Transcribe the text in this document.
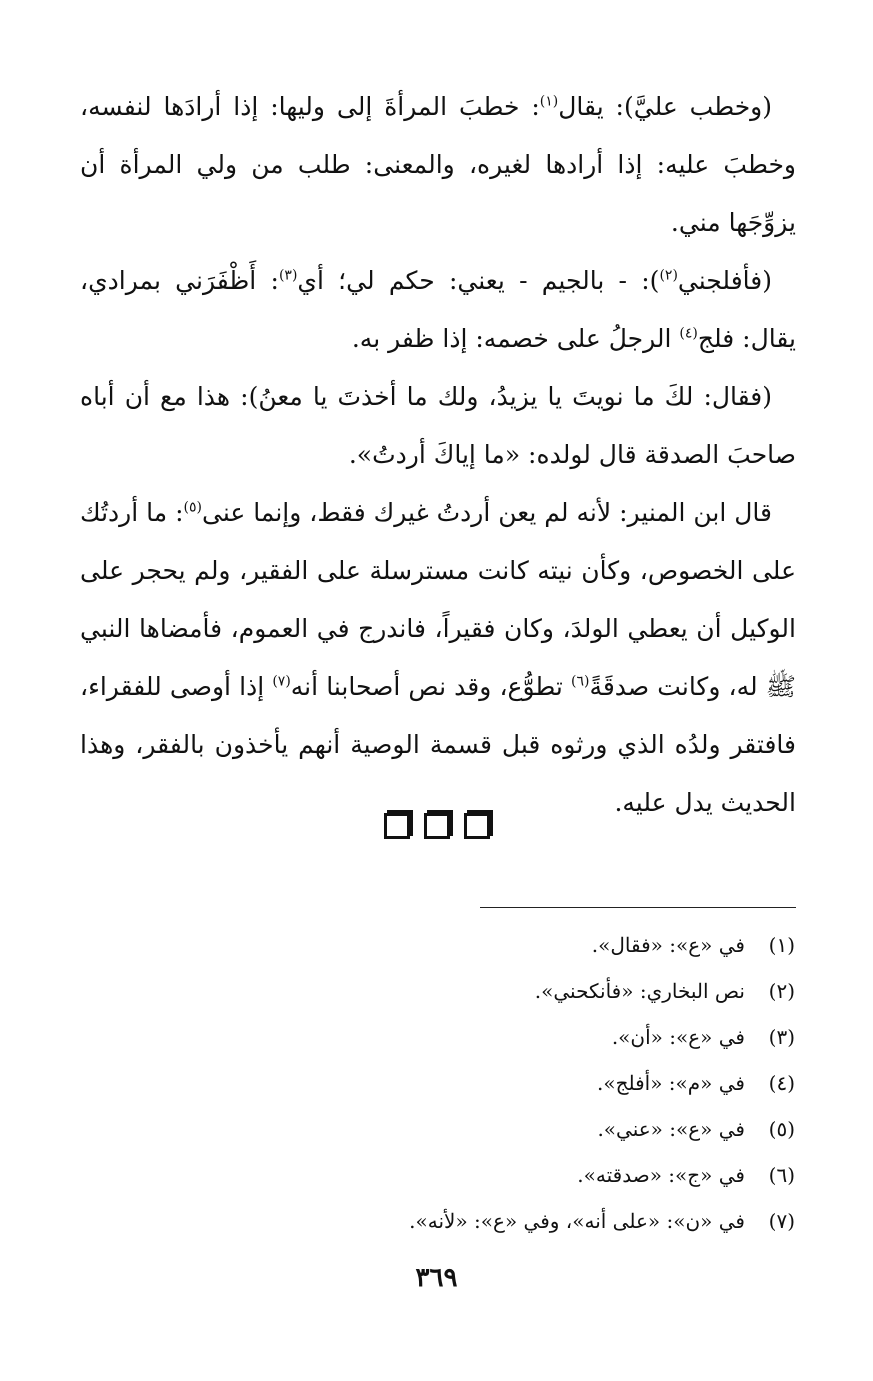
(وخطب عليَّ): يقال$^{(١)}$: خطبَ المرأةَ إلى وليها: إذا أرادَها لنفسه، وخطبَ عليه: إذا أرادها لغيره، والمعنى: طلب من ولي المرأة أن يزوِّجَها مني.

(فأفلجني$^{(٢)}$): - بالجيم - يعني: حكم لي؛ أي$^{(٣)}$: أَظْفَرَني بمرادي، يقال: فلج$^{(٤)}$ الرجلُ على خصمه: إذا ظفر به.

(فقال: لكَ ما نويتَ يا يزيدُ، ولك ما أخذتَ يا معنُ): هذا مع أن أباه صاحبَ الصدقة قال لولده: «ما إياكَ أردتُ».

قال ابن المنير: لأنه لم يعن أردتُ غيرك فقط، وإنما عنى$^{(٥)}$: ما أردتُك على الخصوص، وكأن نيته كانت مسترسلة على الفقير، ولم يحجر على الوكيل أن يعطي الولدَ، وكان فقيراً، فاندرج في العموم، فأمضاها النبي ﷺ له، وكانت صدقَةً$^{(٦)}$ تطوُّع، وقد نص أصحابنا أنه$^{(٧)}$ إذا أوصى للفقراء، فافتقر ولدُه الذي ورثوه قبل قسمة الوصية أنهم يأخذون بالفقر، وهذا الحديث يدل عليه.

(١)
في «ع»: «فقال».
(٢)
نص البخاري: «فأنكحني».
(٣)
في «ع»: «أن».
(٤)
في «م»: «أفلج».
(٥)
في «ع»: «عني».
(٦)
في «ج»: «صدقته».
(٧)
في «ن»: «على أنه»، وفي «ع»: «لأنه».
٣٦٩
